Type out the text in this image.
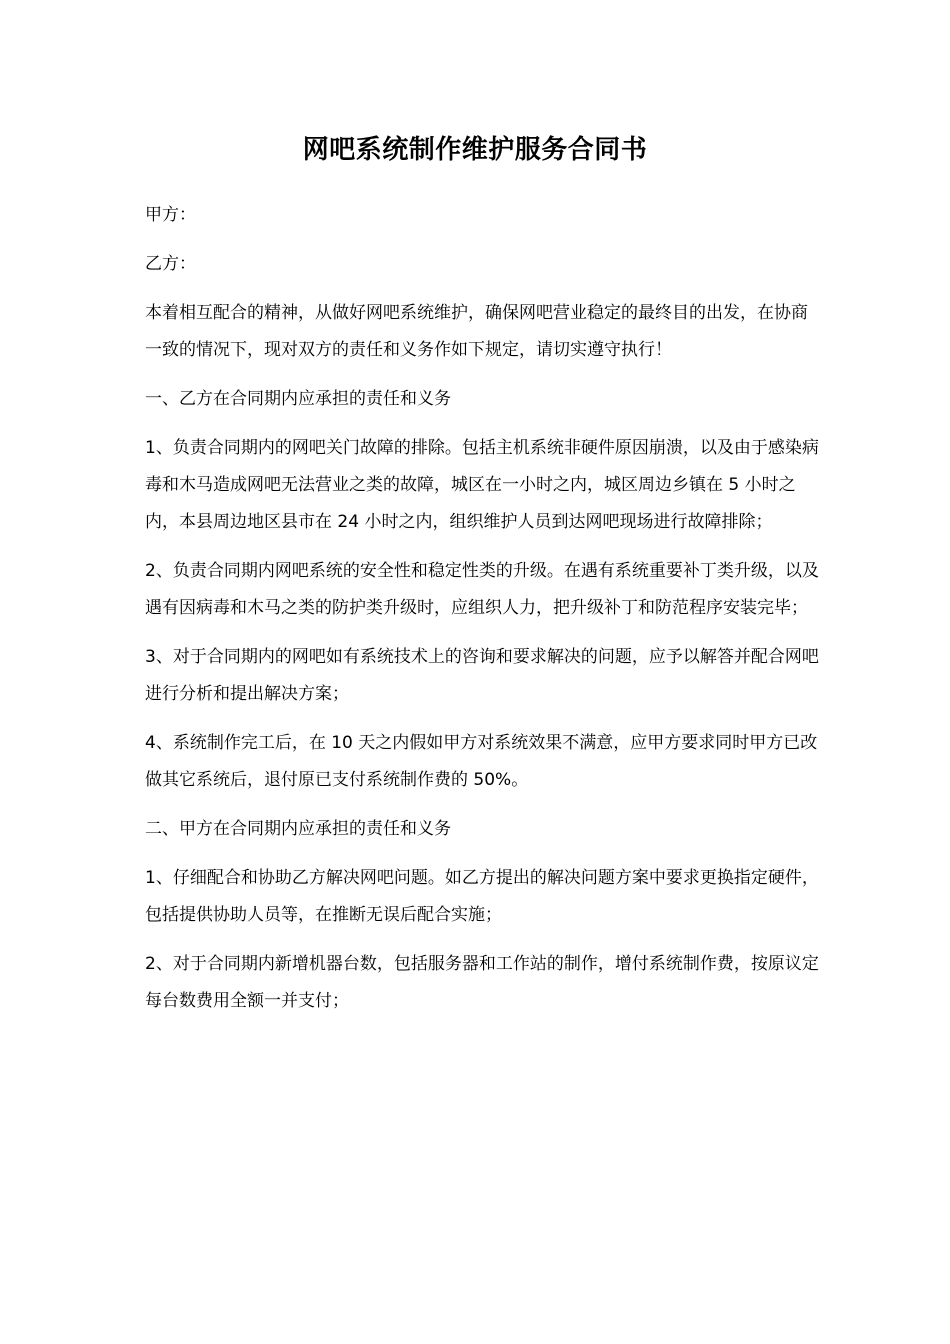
网吧系统制作维护服务合同书

甲方：

乙方：

本着相互配合的精神，从做好网吧系统维护，确保网吧营业稳定的最终目的出发，在协商一致的情况下，现对双方的责任和义务作如下规定，请切实遵守执行！

一、乙方在合同期内应承担的责任和义务

1、负责合同期内的网吧关门故障的排除。包括主机系统非硬件原因崩溃，以及由于感染病毒和木马造成网吧无法营业之类的故障，城区在一小时之内，城区周边乡镇在 5 小时之内，本县周边地区县市在 24 小时之内，组织维护人员到达网吧现场进行故障排除；

2、负责合同期内网吧系统的安全性和稳定性类的升级。在遇有系统重要补丁类升级，以及遇有因病毒和木马之类的防护类升级时，应组织人力，把升级补丁和防范程序安装完毕；

3、对于合同期内的网吧如有系统技术上的咨询和要求解决的问题，应予以解答并配合网吧进行分析和提出解决方案；

4、系统制作完工后，在 10 天之内假如甲方对系统效果不满意，应甲方要求同时甲方已改做其它系统后，退付原已支付系统制作费的 50%。

二、甲方在合同期内应承担的责任和义务

1、仔细配合和协助乙方解决网吧问题。如乙方提出的解决问题方案中要求更换指定硬件，包括提供协助人员等，在推断无误后配合实施；

2、对于合同期内新增机器台数，包括服务器和工作站的制作，增付系统制作费，按原议定每台数费用全额一并支付；
